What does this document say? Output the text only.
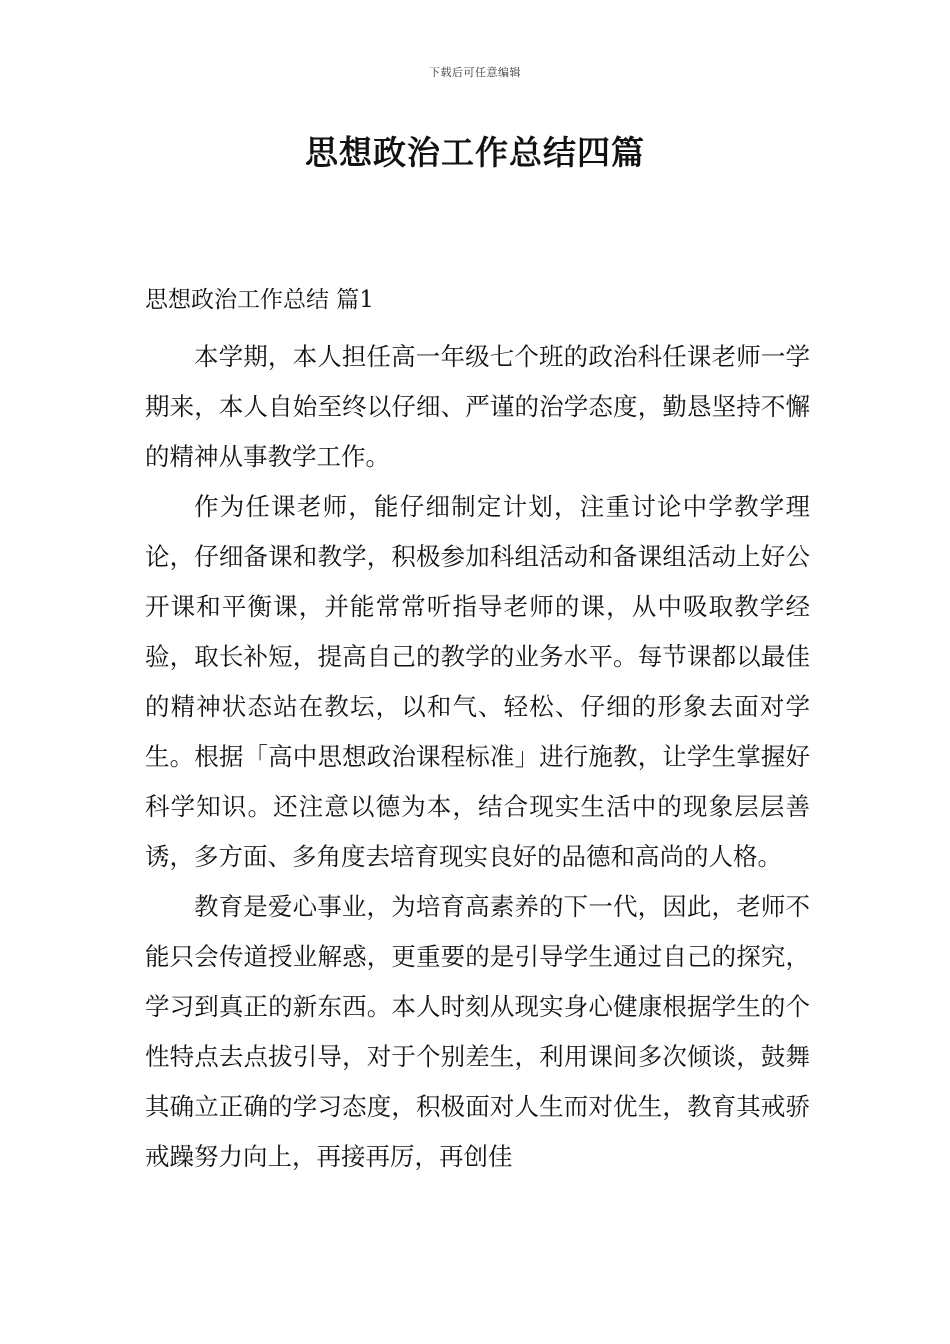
下载后可任意编辑
思想政治工作总结四篇

思想政治工作总结 篇1

本学期，本人担任高一年级七个班的政治科任课老师一学期来，本人自始至终以仔细、严谨的治学态度，勤恳坚持不懈的精神从事教学工作。

作为任课老师，能仔细制定计划，注重讨论中学教学理论，仔细备课和教学，积极参加科组活动和备课组活动上好公开课和平衡课，并能常常听指导老师的课，从中吸取教学经验，取长补短，提高自己的教学的业务水平。每节课都以最佳的精神状态站在教坛，以和气、轻松、仔细的形象去面对学生。根据「高中思想政治课程标准」进行施教，让学生掌握好科学知识。还注意以德为本，结合现实生活中的现象层层善诱，多方面、多角度去培育现实良好的品德和高尚的人格。

教育是爱心事业，为培育高素养的下一代，因此，老师不能只会传道授业解惑，更重要的是引导学生通过自己的探究，学习到真正的新东西。本人时刻从现实身心健康根据学生的个性特点去点拔引导，对于个别差生，利用课间多次倾谈，鼓舞其确立正确的学习态度，积极面对人生而对优生，教育其戒骄戒躁努力向上，再接再厉，再创佳
